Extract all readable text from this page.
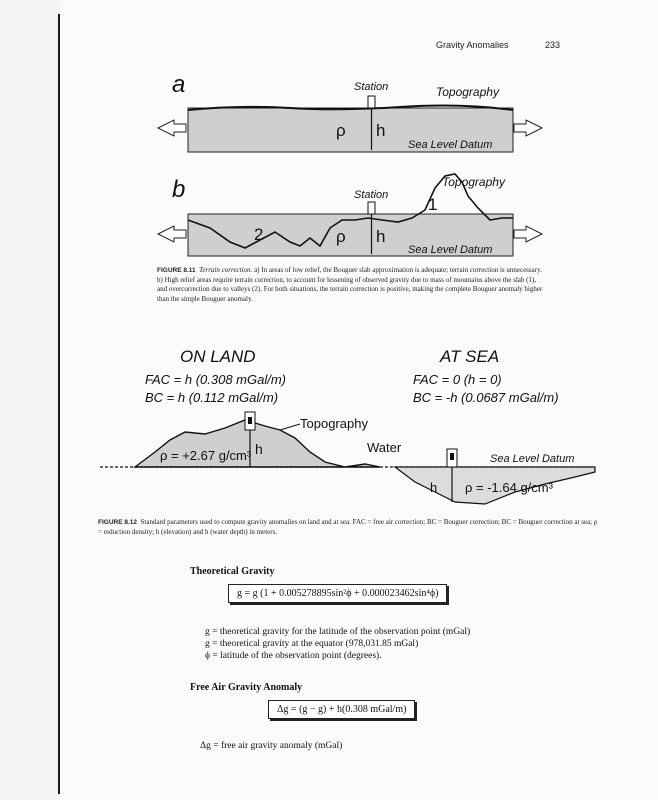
Gravity Anomalies	233
a	Station	Topography
ρ h
Sea Level Datum
b	Station
Topography
1
2	ρ h
Sea Level Datum
FIGURE 8.11 Terrain correction. a) In areas of low relief, the Bouguer slab approximation is adequate; terrain correction is unnecessary. b) High relief areas require terrain correction, to account for lessening of observed gravity due to mass of mountains above the slab (1), and overcorrection due to valleys (2). For both situations, the terrain correction is positive, making the complete Bouguer anomaly higher than the simple Bouguer anomaly.
ON LAND
FAC = h (0.308 mGal/m)
BC = h (0.112 mGal/m)
AT SEA
FAC = 0 (h = 0)
BC = -h (0.0687 mGal/m)
Topography
Water
Sea Level Datum
ρ = +2.67 g/cm³ h
h ρ = -1.64 g/cm³
FIGURE 8.12 Standard parameters used to compute gravity anomalies on land and at sea. FAC = free air correction; BC = Bouguer correction; BC = Bouguer correction at sea; ρ = reduction density; h (elevation) and h (water depth) in meters.
Theoretical Gravity
g = g (1 + 0.005278895sin²ϕ + 0.000023462sin⁴ϕ)
g = theoretical gravity for the latitude of the observation point (mGal)
g = theoretical gravity at the equator (978,031.85 mGal)
ϕ = latitude of the observation point (degrees).
Free Air Gravity Anomaly
Δg = (g − g) + h(0.308 mGal/m)
Δg = free air gravity anomaly (mGal)
